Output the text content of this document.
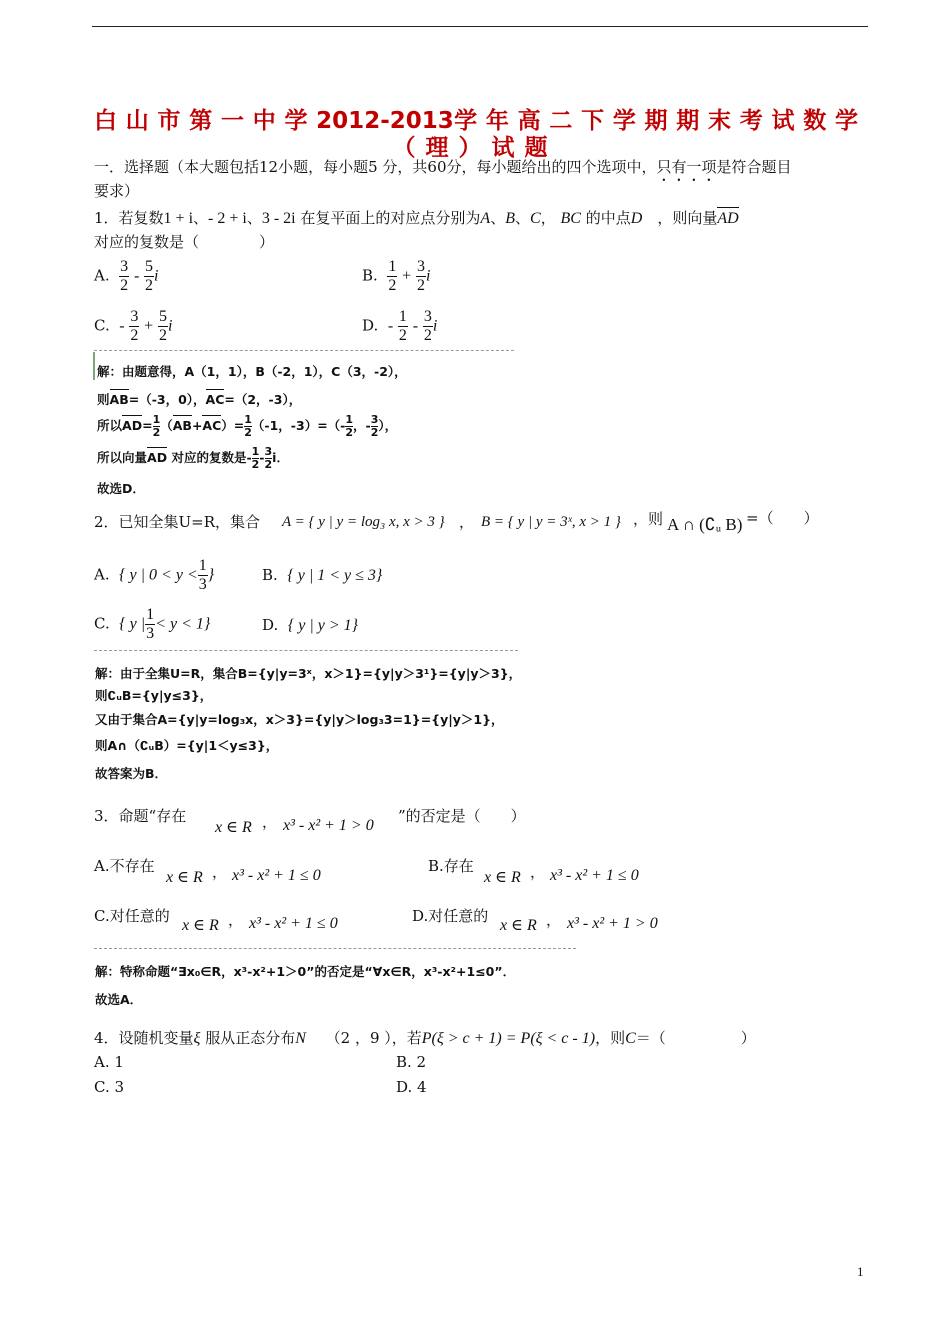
白 山 市 第 一 中 学 2012-2013学 年 高 二 下 学 期 期 末 考 试 数 学
（理）试题
一．选择题（本大题包括12小题，每小题5 分，共60分，每小题给出的四个选项中，只有一项是符合题目
要求）
1．若复数1 + i、- 2 + i、3 - 2i 在复平面上的对应点分别为A、B、C， BC 的中点D　 ，则向量AD
对应的复数是（　　　　）
A. $\frac{3}{2} - \frac{5}{2}$ i	B. $\frac{1}{2} + \frac{3}{2}$ i
C. - $\frac{3}{2} + \frac{5}{2}$ i	D. - $\frac{1}{2} - \frac{3}{2}$ i
解：由题意得，A（1，1），B（-2，1），C（3，-2），
则AB=（-3，0），AC=（2，-3），
所以$AD= \frac{1}{2} (AB+AC)= \frac{1}{2} (-1$，$-3)=(- \frac{1}{2}$ ，- $\frac{3}{2}$ ），
所以向量AD 对应的复数是- $\frac{1}{2} - \frac{3}{2}$ i．
故选D．
2．已知全集U=R，集合 A = { y | y = log₃ x, x > 3 } ， B = { y | y = 3ˣ, x > 1 } ，则 A ∩ (∁ᵤ B) =（　　）
A. { y | $0 < y < \frac{1}{3}$ }	B. { y | 1 < y ≤ 3}
C. { y | $\frac{1}{3} < y < 1$}	D. { y | y > 1}
解：由于全集U=R，集合B={y|y=3ˣ，x＞1}={y|y＞3¹}={y|y＞3}，
则∁ᵤB={y|y≤3}，
又由于集合A={y|y=log₃x，x＞3}={y|y＞log₃3=1}={y|y＞1}，
则A∩（∁ᵤB）={y|1＜y≤3}，
故答案为B．
3．命题“存在
x ∈ R ， x³ - x² + 1 > 0
”的否定是（　　）
A.不存在
x ∈ R ， x³ - x² + 1 ≤ 0
B.存在
x ∈ R ， x³ - x² + 1 ≤ 0
C.对任意的
x ∈ R ， x³ - x² + 1 ≤ 0	D.对任意的
x ∈ R ， x³ - x² + 1 > 0
解：特称命题“∃x₀∈R，x³-x²+1＞0”的否定是“∀x∈R，x³-x²+1≤0”．
故选A．
4．设随机变量ξ 服从正态分布N　 （2 ，9 ），若P(ξ > c + 1) = P(ξ < c - 1)，则C＝（　　　　　）
A. 1	B. 2
C. 3	D. 4
1
